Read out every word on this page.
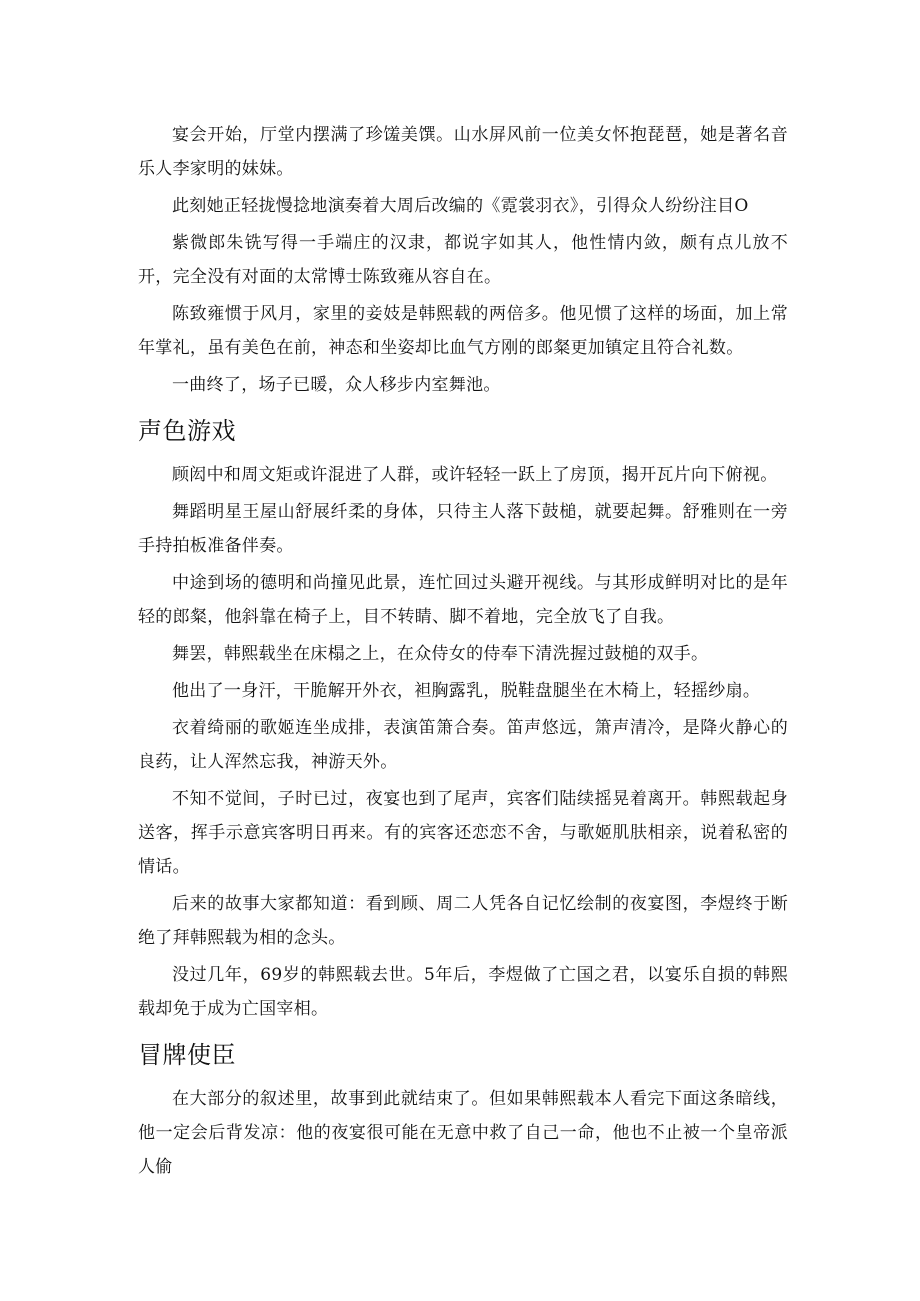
宴会开始，厅堂内摆满了珍馐美馔。山水屏风前一位美女怀抱琵琶，她是著名音乐人李家明的妹妹。

此刻她正轻拢慢捻地演奏着大周后改编的《霓裳羽衣》，引得众人纷纷注目O

紫微郎朱铣写得一手端庄的汉隶，都说字如其人，他性情内敛，颇有点儿放不开，完全没有对面的太常博士陈致雍从容自在。

陈致雍惯于风月，家里的妾妓是韩熙载的两倍多。他见惯了这样的场面，加上常年掌礼，虽有美色在前，神态和坐姿却比血气方刚的郎粲更加镇定且符合礼数。

一曲终了，场子已暖，众人移步内室舞池。

声色游戏

顾闳中和周文矩或许混进了人群，或许轻轻一跃上了房顶，揭开瓦片向下俯视。

舞蹈明星王屋山舒展纤柔的身体，只待主人落下鼓槌，就要起舞。舒雅则在一旁手持拍板准备伴奏。

中途到场的德明和尚撞见此景，连忙回过头避开视线。与其形成鲜明对比的是年轻的郎粲，他斜靠在椅子上，目不转睛、脚不着地，完全放飞了自我。

舞罢，韩熙载坐在床榻之上，在众侍女的侍奉下清洗握过鼓槌的双手。

他出了一身汗，干脆解开外衣，袒胸露乳，脱鞋盘腿坐在木椅上，轻摇纱扇。

衣着绮丽的歌姬连坐成排，表演笛箫合奏。笛声悠远，箫声清冷，是降火静心的良药，让人浑然忘我，神游天外。

不知不觉间，子时已过，夜宴也到了尾声，宾客们陆续摇晃着离开。韩熙载起身送客，挥手示意宾客明日再来。有的宾客还恋恋不舍，与歌姬肌肤相亲，说着私密的情话。

后来的故事大家都知道：看到顾、周二人凭各自记忆绘制的夜宴图，李煜终于断绝了拜韩熙载为相的念头。

没过几年，69岁的韩熙载去世。5年后，李煜做了亡国之君，以宴乐自损的韩熙载却免于成为亡国宰相。

冒牌使臣

在大部分的叙述里，故事到此就结束了。但如果韩熙载本人看完下面这条暗线，他一定会后背发凉：他的夜宴很可能在无意中救了自己一命，他也不止被一个皇帝派人偷
